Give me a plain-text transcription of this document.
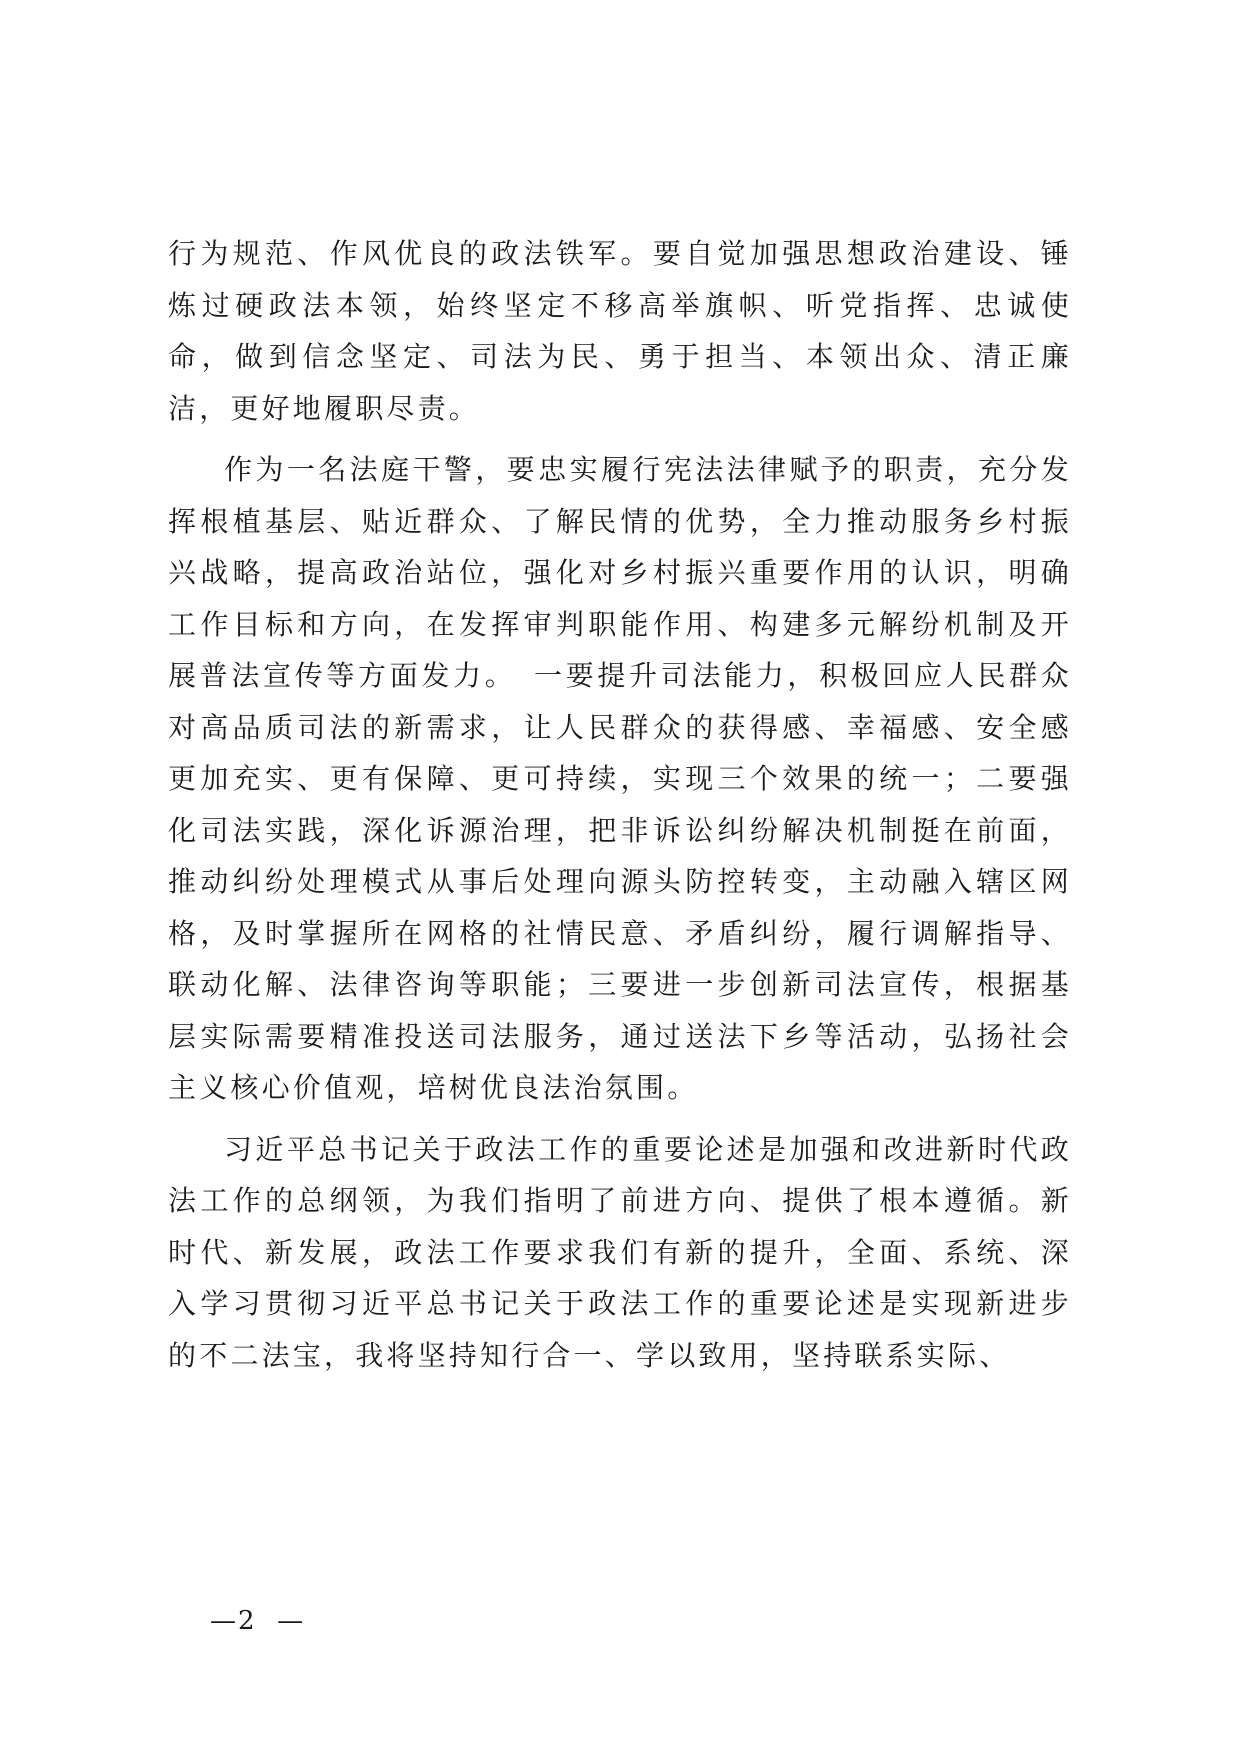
行为规范、作风优良的政法铁军。要自觉加强思想政治建设、锤炼过硬政法本领，始终坚定不移高举旗帜、听党指挥、忠诚使命，做到信念坚定、司法为民、勇于担当、本领出众、清正廉洁，更好地履职尽责。

作为一名法庭干警，要忠实履行宪法法律赋予的职责，充分发挥根植基层、贴近群众、了解民情的优势，全力推动服务乡村振兴战略，提高政治站位，强化对乡村振兴重要作用的认识，明确工作目标和方向，在发挥审判职能作用、构建多元解纷机制及开展普法宣传等方面发力。　一要提升司法能力，积极回应人民群众对高品质司法的新需求，让人民群众的获得感、幸福感、安全感更加充实、更有保障、更可持续，实现三个效果的统一；二要强化司法实践，深化诉源治理，把非诉讼纠纷解决机制挺在前面，推动纠纷处理模式从事后处理向源头防控转变，主动融入辖区网格，及时掌握所在网格的社情民意、矛盾纠纷，履行调解指导、联动化解、法律咨询等职能；三要进一步创新司法宣传，根据基层实际需要精准投送司法服务，通过送法下乡等活动，弘扬社会主义核心价值观，培树优良法治氛围。

习近平总书记关于政法工作的重要论述是加强和改进新时代政法工作的总纲领，为我们指明了前进方向、提供了根本遵循。新时代、新发展，政法工作要求我们有新的提升，全面、系统、深入学习贯彻习近平总书记关于政法工作的重要论述是实现新进步的不二法宝，我将坚持知行合一、学以致用，坚持联系实际、

—2  —
